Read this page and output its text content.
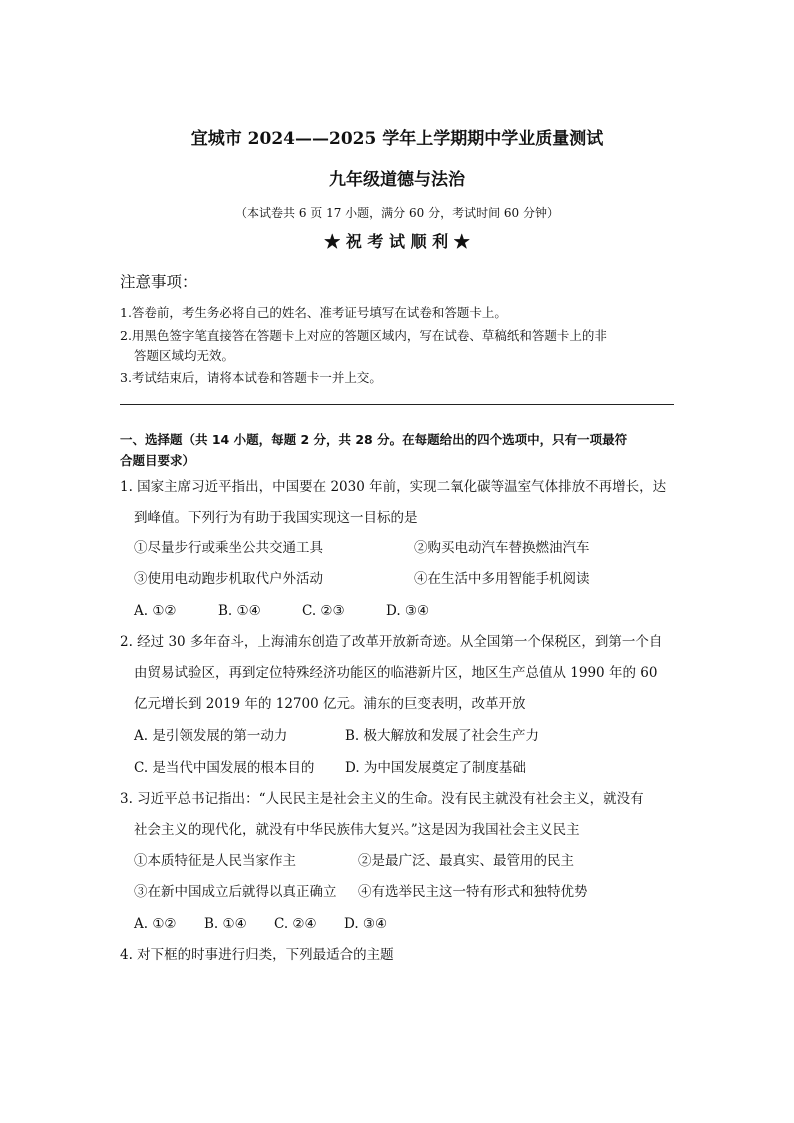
宜城市 2024——2025 学年上学期期中学业质量测试
九年级道德与法治
（本试卷共 6 页 17 小题，满分 60 分，考试时间 60 分钟）
★ 祝 考 试 顺 利 ★
注意事项：
1.答卷前，考生务必将自己的姓名、准考证号填写在试卷和答题卡上。
2.用黑色签字笔直接答在答题卡上对应的答题区域内，写在试卷、草稿纸和答题卡上的非
答题区域均无效。
3.考试结束后，请将本试卷和答题卡一并上交。
一、选择题（共 14 小题，每题 2 分，共 28 分。在每题给出的四个选项中，只有一项最符
合题目要求）
1. 国家主席习近平指出，中国要在 2030 年前，实现二氧化碳等温室气体排放不再增长，达
到峰值。下列行为有助于我国实现这一目标的是
①尽量步行或乘坐公共交通工具	②购买电动汽车替换燃油汽车
③使用电动跑步机取代户外活动	④在生活中多用智能手机阅读
A. ①②	B. ①④	C. ②③	D. ③④
2. 经过 30 多年奋斗，上海浦东创造了改革开放新奇迹。从全国第一个保税区，到第一个自
由贸易试验区，再到定位特殊经济功能区的临港新片区，地区生产总值从 1990 年的 60
亿元增长到 2019 年的 12700 亿元。浦东的巨变表明，改革开放
A. 是引领发展的第一动力	B. 极大解放和发展了社会生产力
C. 是当代中国发展的根本目的 D. 为中国发展奠定了制度基础
3. 习近平总书记指出：“人民民主是社会主义的生命。没有民主就没有社会主义，就没有
社会主义的现代化，就没有中华民族伟大复兴。”这是因为我国社会主义民主
①本质特征是人民当家作主	②是最广泛、最真实、最管用的民主
③在新中国成立后就得以真正确立 ④有选举民主这一特有形式和独特优势
A. ①② B. ①④ C. ②④ D. ③④
4. 对下框的时事进行归类，下列最适合的主题
